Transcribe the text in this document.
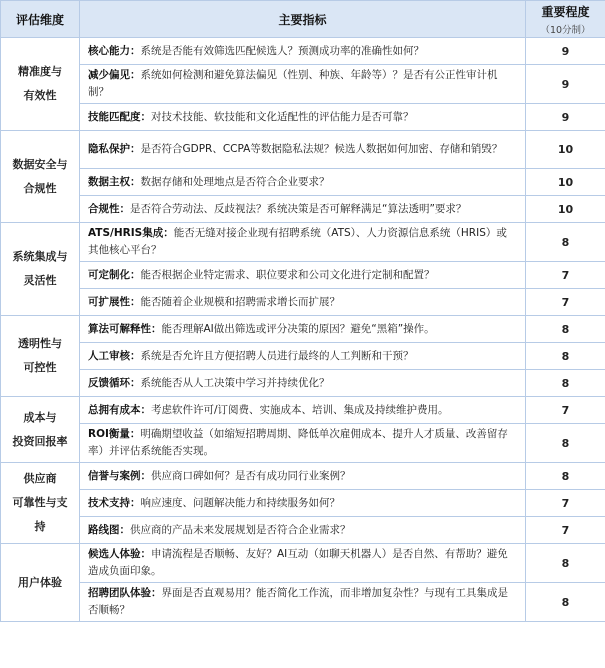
评估维度	主要指标	重要程度
（10分制）

精准度与
有效性	核心能力：系统是否能有效筛选匹配候选人？预测成功率的准确性如何？	9
	减少偏见：系统如何检测和避免算法偏见（性别、种族、年龄等）？是否有公正性审计机制？	9
	技能匹配度：对技术技能、软技能和文化适配性的评估能力是否可靠？	9

数据安全与
合规性	隐私保护：是否符合GDPR、CCPA等数据隐私法规？候选人数据如何加密、存储和销毁？	10
	数据主权：数据存储和处理地点是否符合企业要求？	10
	合规性：是否符合劳动法、反歧视法？系统决策是否可解释满足“算法透明”要求？	10

系统集成与
灵活性	ATS/HRIS集成：能否无缝对接企业现有招聘系统（ATS）、人力资源信息系统（HRIS）或其他核心平台？	8
	可定制化：能否根据企业特定需求、职位要求和公司文化进行定制和配置？	7
	可扩展性：能否随着企业规模和招聘需求增长而扩展？	7

透明性与
可控性	算法可解释性：能否理解AI做出筛选或评分决策的原因？避免“黑箱”操作。	8
	人工审核：系统是否允许且方便招聘人员进行最终的人工判断和干预？	8
	反馈循环：系统能否从人工决策中学习并持续优化？	8

成本与
投资回报率	总拥有成本：考虑软件许可/订阅费、实施成本、培训、集成及持续维护费用。	7
	ROI衡量：明确期望收益（如缩短招聘周期、降低单次雇佣成本、提升人才质量、改善留存率）并评估系统能否实现。	8

供应商
可靠性与支
持	信誉与案例：供应商口碑如何？是否有成功同行业案例？	8
	技术支持：响应速度、问题解决能力和持续服务如何？	7
	路线图：供应商的产品未来发展规划是否符合企业需求？	7

用户体验	候选人体验：申请流程是否顺畅、友好？AI互动（如聊天机器人）是否自然、有帮助？避免造成负面印象。	8
	招聘团队体验：界面是否直观易用？能否简化工作流，而非增加复杂性？与现有工具集成是否顺畅？	8
